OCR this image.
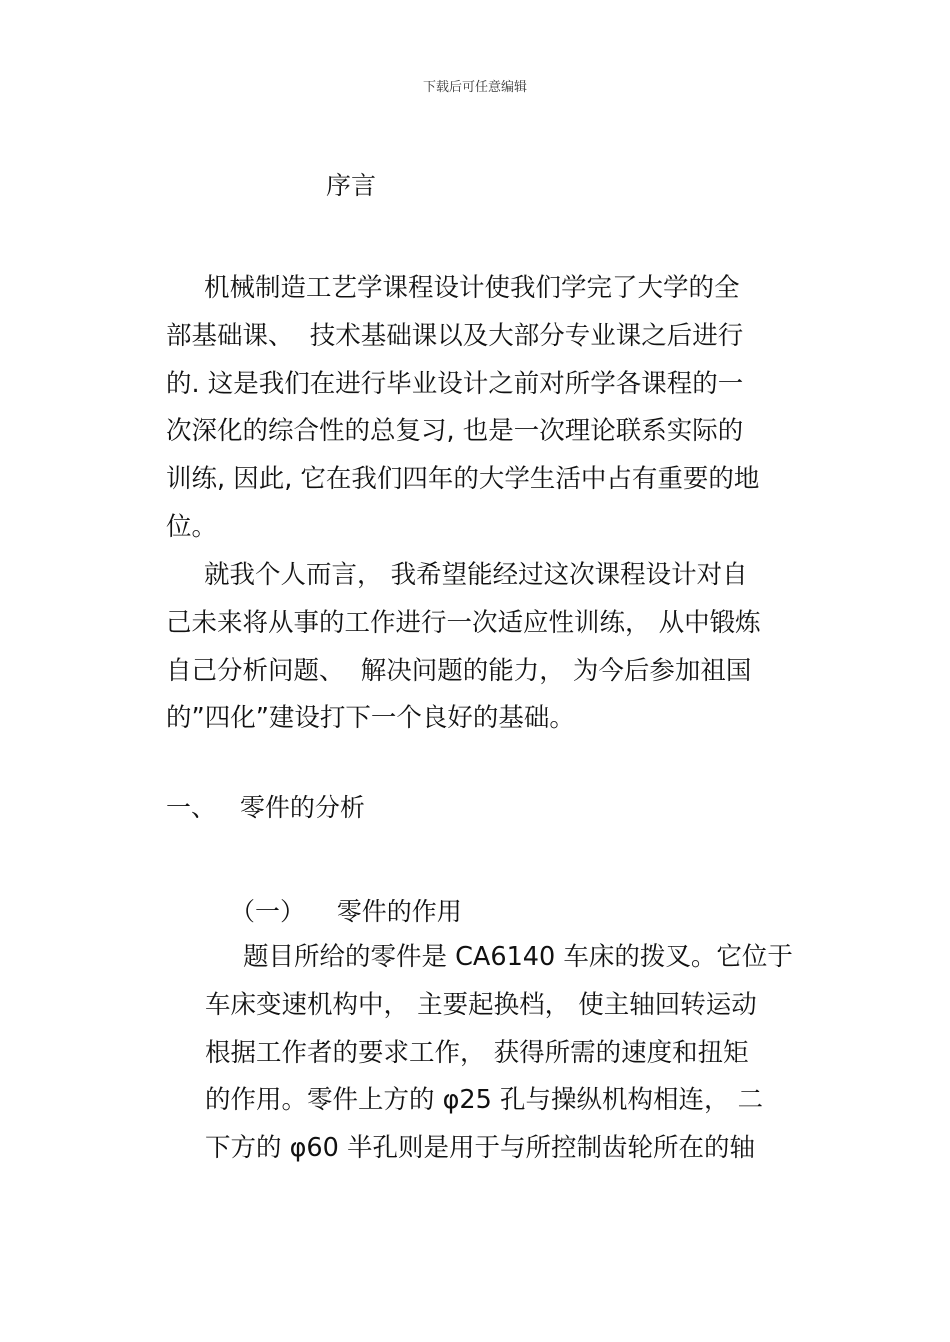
下载后可任意编辑
序言
机械制造工艺学课程设计使我们学完了大学的全
部基础课、  技术基础课以及大部分专业课之后进行
的. 这是我们在进行毕业设计之前对所学各课程的一
次深化的综合性的总复习, 也是一次理论联系实际的
训练, 因此, 它在我们四年的大学生活中占有重要的地
位。
就我个人而言， 我希望能经过这次课程设计对自
己未来将从事的工作进行一次适应性训练， 从中锻炼
自己分析问题、  解决问题的能力， 为今后参加祖国
的”四化”建设打下一个良好的基础。
一、   零件的分析
（一）    零件的作用
题目所给的零件是 CA6140 车床的拨叉。它位于
车床变速机构中， 主要起换档， 使主轴回转运动
根据工作者的要求工作， 获得所需的速度和扭矩
的作用。零件上方的 φ25 孔与操纵机构相连， 二
下方的 φ60 半孔则是用于与所控制齿轮所在的轴
